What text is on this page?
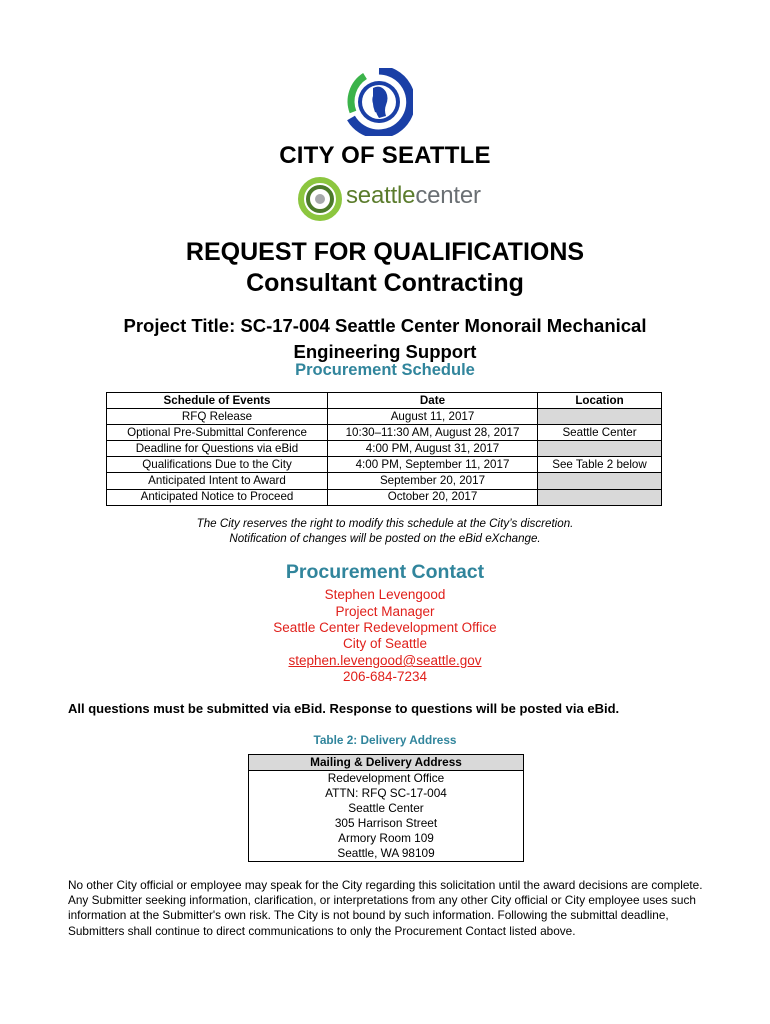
CITY OF SEATTLE
seattlecenter
REQUEST FOR QUALIFICATIONS
Consultant Contracting
Project Title: SC-17-004 Seattle Center Monorail Mechanical
Engineering Support
Procurement Schedule
Schedule of Events	Date	Location
RFQ Release	August 11, 2017	
Optional Pre-Submittal Conference	10:30–11:30 AM, August 28, 2017	Seattle Center
Deadline for Questions via eBid	4:00 PM, August 31, 2017	
Qualifications Due to the City	4:00 PM, September 11, 2017	See Table 2 below
Anticipated Intent to Award	September 20, 2017	
Anticipated Notice to Proceed	October 20, 2017	
The City reserves the right to modify this schedule at the City’s discretion.
Notification of changes will be posted on the eBid eXchange.
Procurement Contact
Stephen Levengood
Project Manager
Seattle Center Redevelopment Office
City of Seattle
stephen.levengood@seattle.gov
206-684-7234
All questions must be submitted via eBid. Response to questions will be posted via eBid.
Table 2: Delivery Address
Mailing & Delivery Address

Redevelopment Office
ATTN: RFQ SC-17-004
Seattle Center
305 Harrison Street
Armory Room 109
Seattle, WA 98109
No other City official or employee may speak for the City regarding this solicitation until the award decisions are complete. Any Submitter seeking information, clarification, or interpretations from any other City official or City employee uses such information at the Submitter's own risk. The City is not bound by such information. Following the submittal deadline, Submitters shall continue to direct communications to only the Procurement Contact listed above.
